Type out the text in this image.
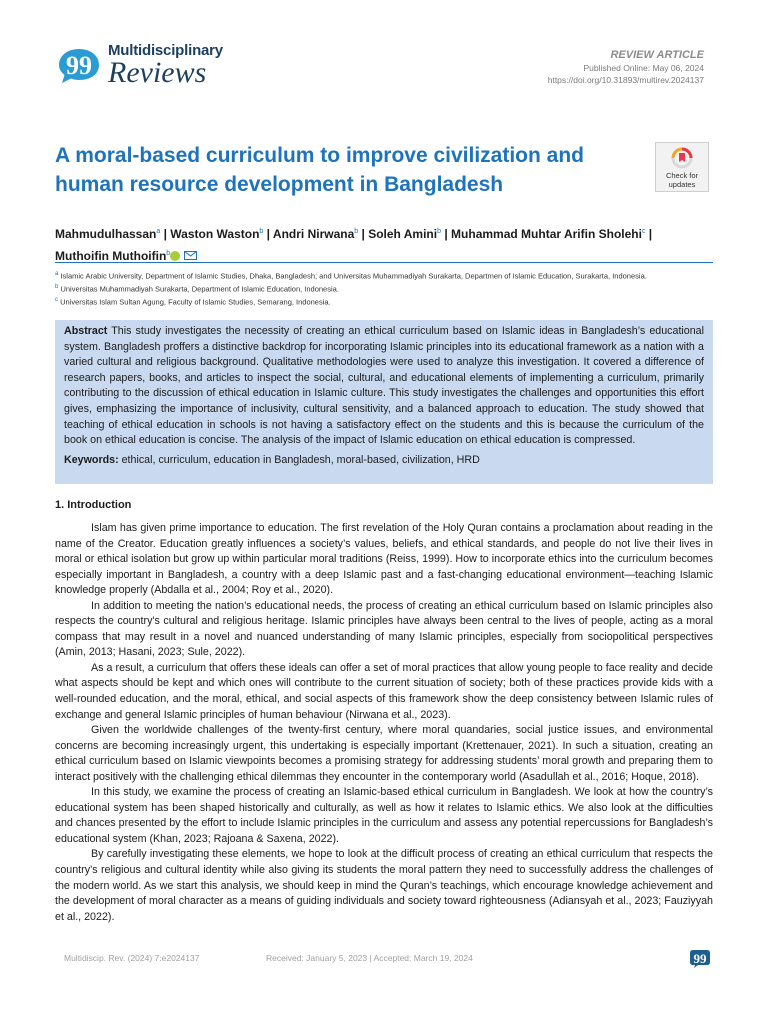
99
Multidisciplinary
Reviews
REVIEW ARTICLE
Published Online: May 06, 2024
https://doi.org/10.31893/multirev.2024137
A moral-based curriculum to improve civilization and human resource development in Bangladesh	Check for
updates
Mahmudulhassan$^a$ | Waston Waston$^b$ | Andri Nirwana$^b$ | Soleh Amini$^b$ | Muhammad Muhtar Arifin Sholehi$^c$ | Muthoifin Muthoifin$^b$
$^a$ Islamic Arabic University, Department of Islamic Studies, Dhaka, Bangladesh; and Universitas Muhammadiyah Surakarta, Departmen of Islamic Education, Surakarta, Indonesia.
$^b$ Universitas Muhammadiyah Surakarta, Department of Islamic Education, Indonesia.
$^c$ Universitas Islam Sultan Agung, Faculty of Islamic Studies, Semarang, Indonesia.
Abstract This study investigates the necessity of creating an ethical curriculum based on Islamic ideas in Bangladesh’s educational system. Bangladesh proffers a distinctive backdrop for incorporating Islamic principles into its educational framework as a nation with a varied cultural and religious background. Qualitative methodologies were used to analyze this investigation. It covered a difference of research papers, books, and articles to inspect the social, cultural, and educational elements of implementing a curriculum, primarily contributing to the discussion of ethical education in Islamic culture. This study investigates the challenges and opportunities this effort gives, emphasizing the importance of inclusivity, cultural sensitivity, and a balanced approach to education. The study showed that teaching of ethical education in schools is not having a satisfactory effect on the students and this is because the curriculum of the book on ethical education is concise. The analysis of the impact of Islamic education on ethical education is compressed.
Keywords: ethical, curriculum, education in Bangladesh, moral-based, civilization, HRD
1. Introduction

Islam has given prime importance to education. The first revelation of the Holy Quran contains a proclamation about reading in the name of the Creator. Education greatly influences a society’s values, beliefs, and ethical standards, and people do not live their lives in moral or ethical isolation but grow up within particular moral traditions (Reiss, 1999). How to incorporate ethics into the curriculum becomes especially important in Bangladesh, a country with a deep Islamic past and a fast-changing educational environment—teaching Islamic knowledge properly (Abdalla et al., 2004; Roy et al., 2020).

In addition to meeting the nation’s educational needs, the process of creating an ethical curriculum based on Islamic principles also respects the country's cultural and religious heritage. Islamic principles have always been central to the lives of people, acting as a moral compass that may result in a novel and nuanced understanding of many Islamic principles, especially from sociopolitical perspectives (Amin, 2013; Hasani, 2023; Sule, 2022).

As a result, a curriculum that offers these ideals can offer a set of moral practices that allow young people to face reality and decide what aspects should be kept and which ones will contribute to the current situation of society; both of these practices provide kids with a well-rounded education, and the moral, ethical, and social aspects of this framework show the deep consistency between Islamic rules of exchange and general Islamic principles of human behaviour (Nirwana et al., 2023).

Given the worldwide challenges of the twenty-first century, where moral quandaries, social justice issues, and environmental concerns are becoming increasingly urgent, this undertaking is especially important (Krettenauer, 2021). In such a situation, creating an ethical curriculum based on Islamic viewpoints becomes a promising strategy for addressing students’ moral growth and preparing them to interact positively with the challenging ethical dilemmas they encounter in the contemporary world (Asadullah et al., 2016; Hoque, 2018).

In this study, we examine the process of creating an Islamic-based ethical curriculum in Bangladesh. We look at how the country’s educational system has been shaped historically and culturally, as well as how it relates to Islamic ethics. We also look at the difficulties and chances presented by the effort to include Islamic principles in the curriculum and assess any potential repercussions for Bangladesh’s educational system (Khan, 2023; Rajoana & Saxena, 2022).

By carefully investigating these elements, we hope to look at the difficult process of creating an ethical curriculum that respects the country’s religious and cultural identity while also giving its students the moral pattern they need to successfully address the challenges of the modern world. As we start this analysis, we should keep in mind the Quran’s teachings, which encourage knowledge achievement and the development of moral character as a means of guiding individuals and society toward righteousness (Adiansyah et al., 2023; Fauziyyah et al., 2022).

Multidiscip. Rev. (2024) 7:e2024137	Received: January 5, 2023 | Accepted: March 19, 2024	99
